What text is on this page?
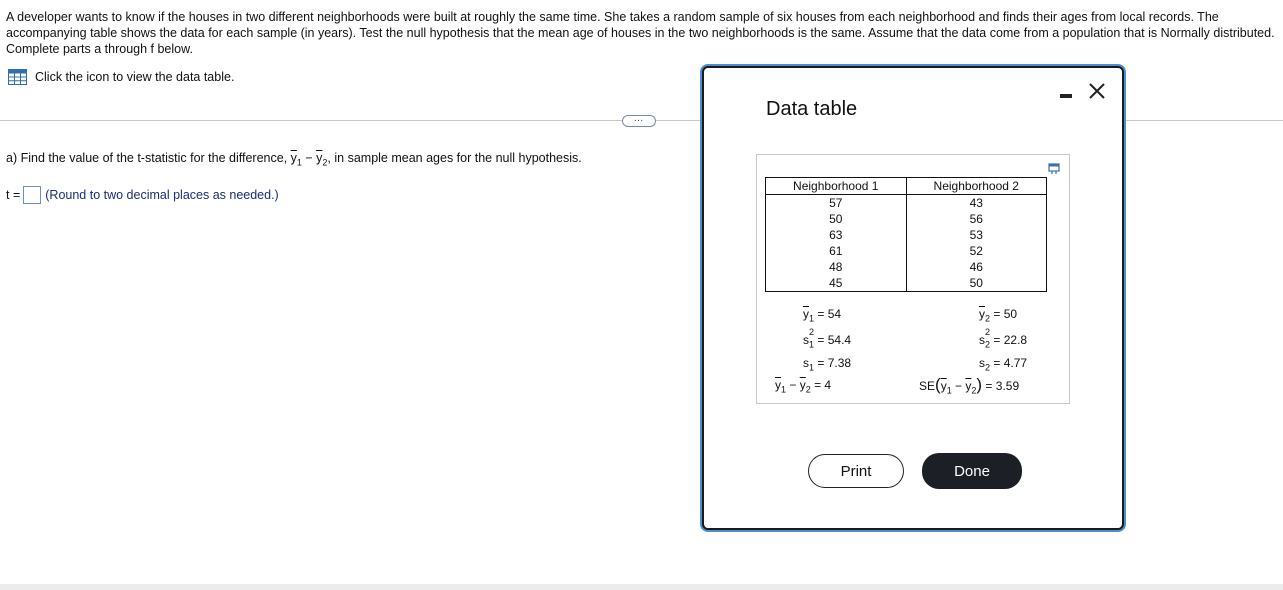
A developer wants to know if the houses in two different neighborhoods were built at roughly the same time. She takes a random sample of six houses from each neighborhood and finds their ages from local records. The accompanying table shows the data for each sample (in years). Test the null hypothesis that the mean age of houses in the two neighborhoods is the same. Assume that the data come from a population that is Normally distributed. Complete parts a through f below.
Click the icon to view the data table.
…
a) Find the value of the t-statistic for the difference, $\overline{y}_1 - \overline{y}_2$, in sample mean ages for the null hypothesis.
t = (Round to two decimal places as needed.)
Data table
Neighborhood 1	Neighborhood 2
57	43
50	56
63	53
61	52
48	46
45	50
$\overline{y}_1 = 54$	$\overline{y}_2 = 50$
$s_1^2 = 54.4$	$s_2^2 = 22.8$
$s_1 = 7.38$	$s_2 = 4.77$
$\overline{y}_1 - \overline{y}_2 = 4$	$SE(\overline{y}_1 - \overline{y}_2) = 3.59$
Print	Done
